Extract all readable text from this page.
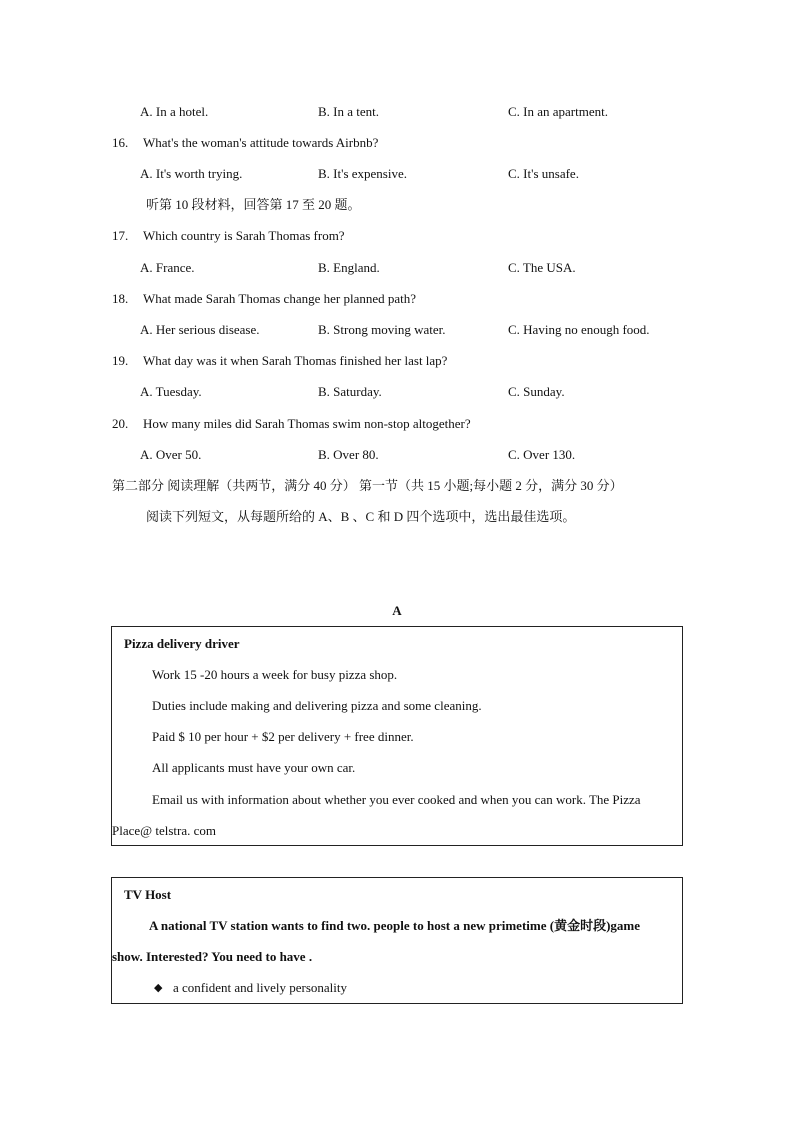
A. In a hotel.	B. In a tent.	C. In an apartment.
16. What's the woman's attitude towards Airbnb?
A. It's worth trying.	B. It's expensive.	C. It's unsafe.
听第 10 段材料，回答第 17 至 20 题。
17. Which country is Sarah Thomas from?
A. France.	B. England.	C. The USA.
18. What made Sarah Thomas change her planned path?
A. Her serious disease.	B. Strong moving water.	C. Having no enough food.
19. What day was it when Sarah Thomas finished her last lap?
A. Tuesday.	B. Saturday.	C. Sunday.
20. How many miles did Sarah Thomas swim non-stop altogether?
A. Over 50.	B. Over 80.	C. Over 130.
第二部分 阅读理解（共两节，满分 40 分） 第一节（共 15 小题;每小题 2 分，满分 30 分）
阅读下列短文，从每题所给的 A、B 、C 和 D 四个选项中，选出最佳选项。
A
Pizza delivery driver
Work 15 -20 hours a week for busy pizza shop.
Duties include making and delivering pizza and some cleaning.
Paid $ 10 per hour + $2 per delivery + free dinner.
All applicants must have your own car.
Email us with information about whether you ever cooked and when you can work. The Pizza
Place@ telstra. com
TV Host
A national TV station wants to find two. people to host a new primetime (黄金时段)game
show. Interested? You need to have .
◆ a confident and lively personality
